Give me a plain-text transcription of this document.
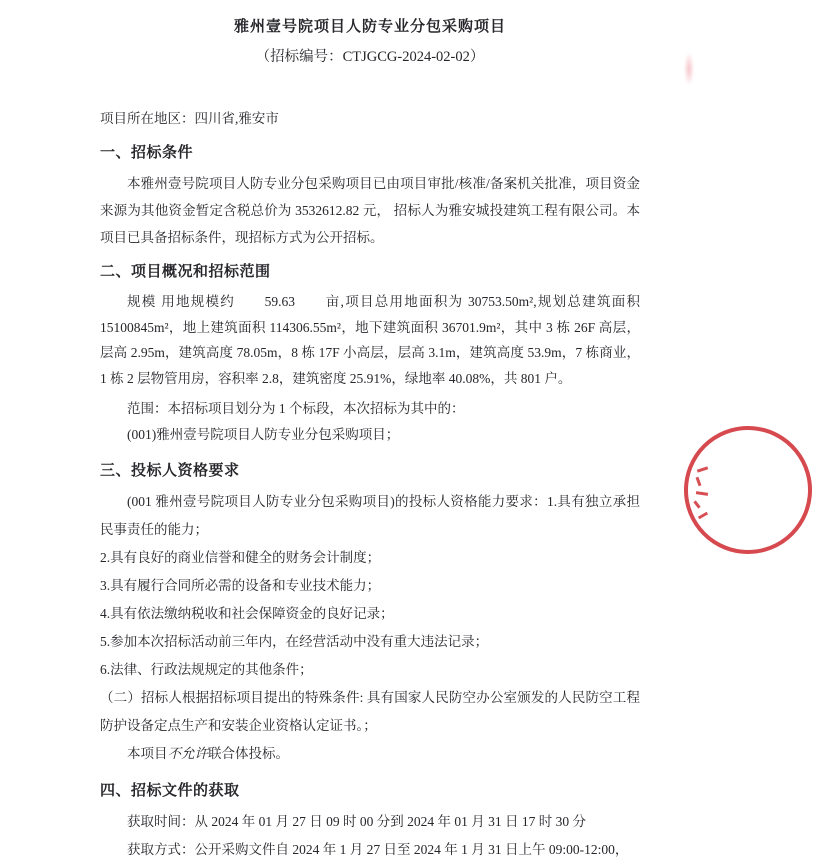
雅州壹号院项目人防专业分包采购项目
（招标编号：CTJGCG-2024-02-02）

项目所在地区：四川省,雅安市

一、招标条件

本雅州壹号院项目人防专业分包采购项目已由项目审批/核准/备案机关批准，项目资金来源为其他资金暂定含税总价为 3532612.82 元， 招标人为雅安城投建筑工程有限公司。本项目已具备招标条件，现招标方式为公开招标。

二、项目概况和招标范围

规模 用地规模约　　59.63　　亩,项目总用地面积为 30753.50m²,规划总建筑面积 15100845m²，地上建筑面积 114306.55m²，地下建筑面积 36701.9m²，其中 3 栋 26F 高层，层高 2.95m，建筑高度 78.05m，8 栋 17F 小高层，层高 3.1m，建筑高度 53.9m，7 栋商业，1 栋 2 层物管用房，容积率 2.8，建筑密度 25.91%，绿地率 40.08%，共 801 户。

范围：本招标项目划分为 1 个标段，本次招标为其中的：

(001)雅州壹号院项目人防专业分包采购项目；

三、投标人资格要求

(001 雅州壹号院项目人防专业分包采购项目)的投标人资格能力要求：1.具有独立承担民事责任的能力；

2.具有良好的商业信誉和健全的财务会计制度；

3.具有履行合同所必需的设备和专业技术能力；

4.具有依法缴纳税收和社会保障资金的良好记录；

5.参加本次招标活动前三年内，在经营活动中没有重大违法记录；

6.法律、行政法规规定的其他条件；

（二）招标人根据招标项目提出的特殊条件: 具有国家人民防空办公室颁发的人民防空工程防护设备定点生产和安装企业资格认定证书。；

本项目不允许联合体投标。

四、招标文件的获取

获取时间：从 2024 年 01 月 27 日 09 时 00 分到 2024 年 01 月 31 日 17 时 30 分

获取方式：公开采购文件自 2024 年 1 月 27 日至 2024 年 1 月 31 日上午 09:00-12:00，
